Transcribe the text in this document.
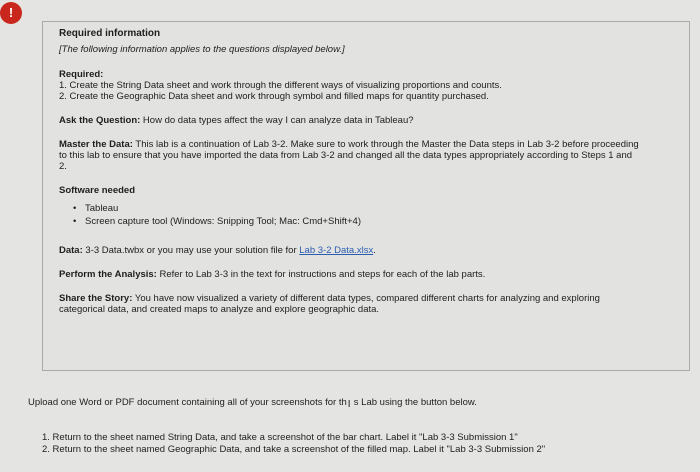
!
Required information
[The following information applies to the questions displayed below.]
Required:
1. Create the String Data sheet and work through the different ways of visualizing proportions and counts.
2. Create the Geographic Data sheet and work through symbol and filled maps for quantity purchased.
Ask the Question: How do data types affect the way I can analyze data in Tableau?
Master the Data: This lab is a continuation of Lab 3-2. Make sure to work through the Master the Data steps in Lab 3-2 before proceeding to this lab to ensure that you have imported the data from Lab 3-2 and changed all the data types appropriately according to Steps 1 and 2.
Software needed
• Tableau
• Screen capture tool (Windows: Snipping Tool; Mac: Cmd+Shift+4)
Data: 3-3 Data.twbx or you may use your solution file for Lab 3-2 Data.xlsx.
Perform the Analysis: Refer to Lab 3-3 in the text for instructions and steps for each of the lab parts.
Share the Story: You have now visualized a variety of different data types, compared different charts for analyzing and exploring categorical data, and created maps to analyze and explore geographic data.
Upload one Word or PDF document containing all of your screenshots for thΙ s Lab using the button below.
1. Return to the sheet named String Data, and take a screenshot of the bar chart. Label it "Lab 3-3 Submission 1"
2. Return to the sheet named Geographic Data, and take a screenshot of the filled map. Label it "Lab 3-3 Submission 2"
